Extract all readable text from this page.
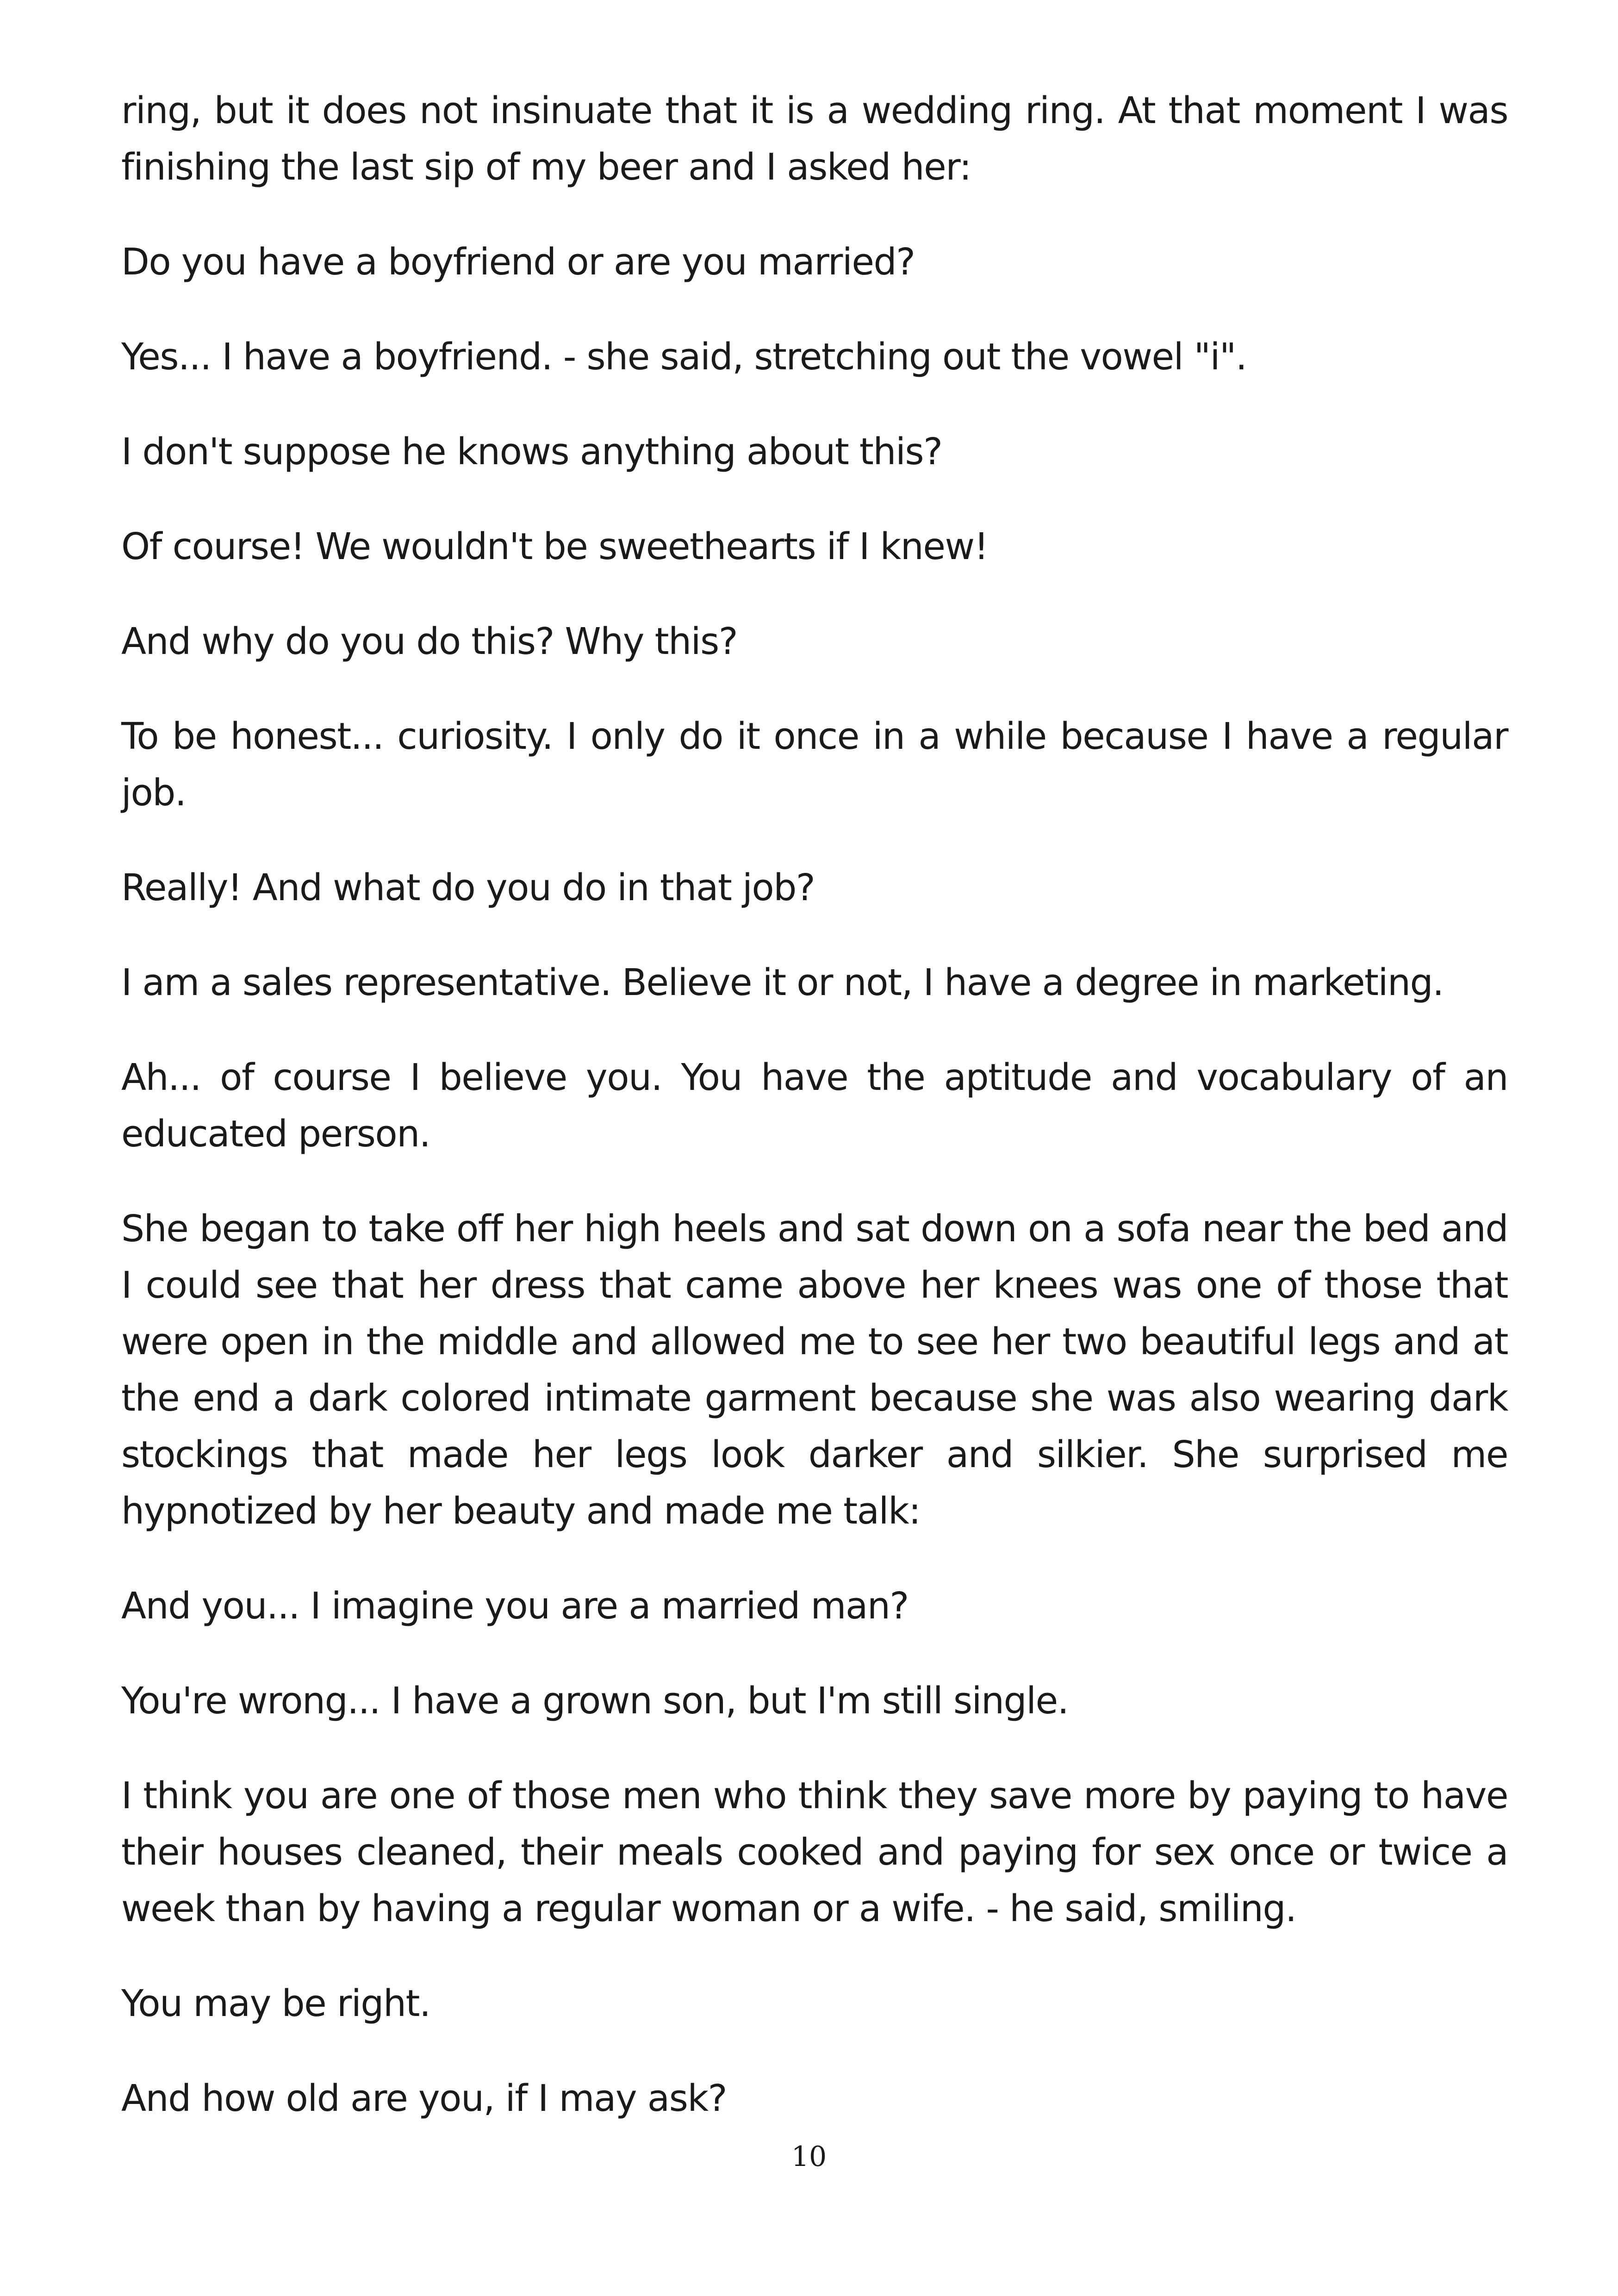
ring, but it does not insinuate that it is a wedding ring. At that moment I was finishing the last sip of my beer and I asked her:

Do you have a boyfriend or are you married?

Yes... I have a boyfriend. - she said, stretching out the vowel "i".

I don't suppose he knows anything about this?

Of course! We wouldn't be sweethearts if I knew!

And why do you do this? Why this?

To be honest... curiosity. I only do it once in a while because I have a regular job.

Really! And what do you do in that job?

I am a sales representative. Believe it or not, I have a degree in marketing.

Ah... of course I believe you. You have the aptitude and vocabulary of an educated person.

She began to take off her high heels and sat down on a sofa near the bed and I could see that her dress that came above her knees was one of those that were open in the middle and allowed me to see her two beautiful legs and at the end a dark colored intimate garment because she was also wearing dark stockings that made her legs look darker and silkier. She surprised me hypnotized by her beauty and made me talk:

And you... I imagine you are a married man?

You're wrong... I have a grown son, but I'm still single.

I think you are one of those men who think they save more by paying to have their houses cleaned, their meals cooked and paying for sex once or twice a week than by having a regular woman or a wife. - he said, smiling.

You may be right.

And how old are you, if I may ask?

10
